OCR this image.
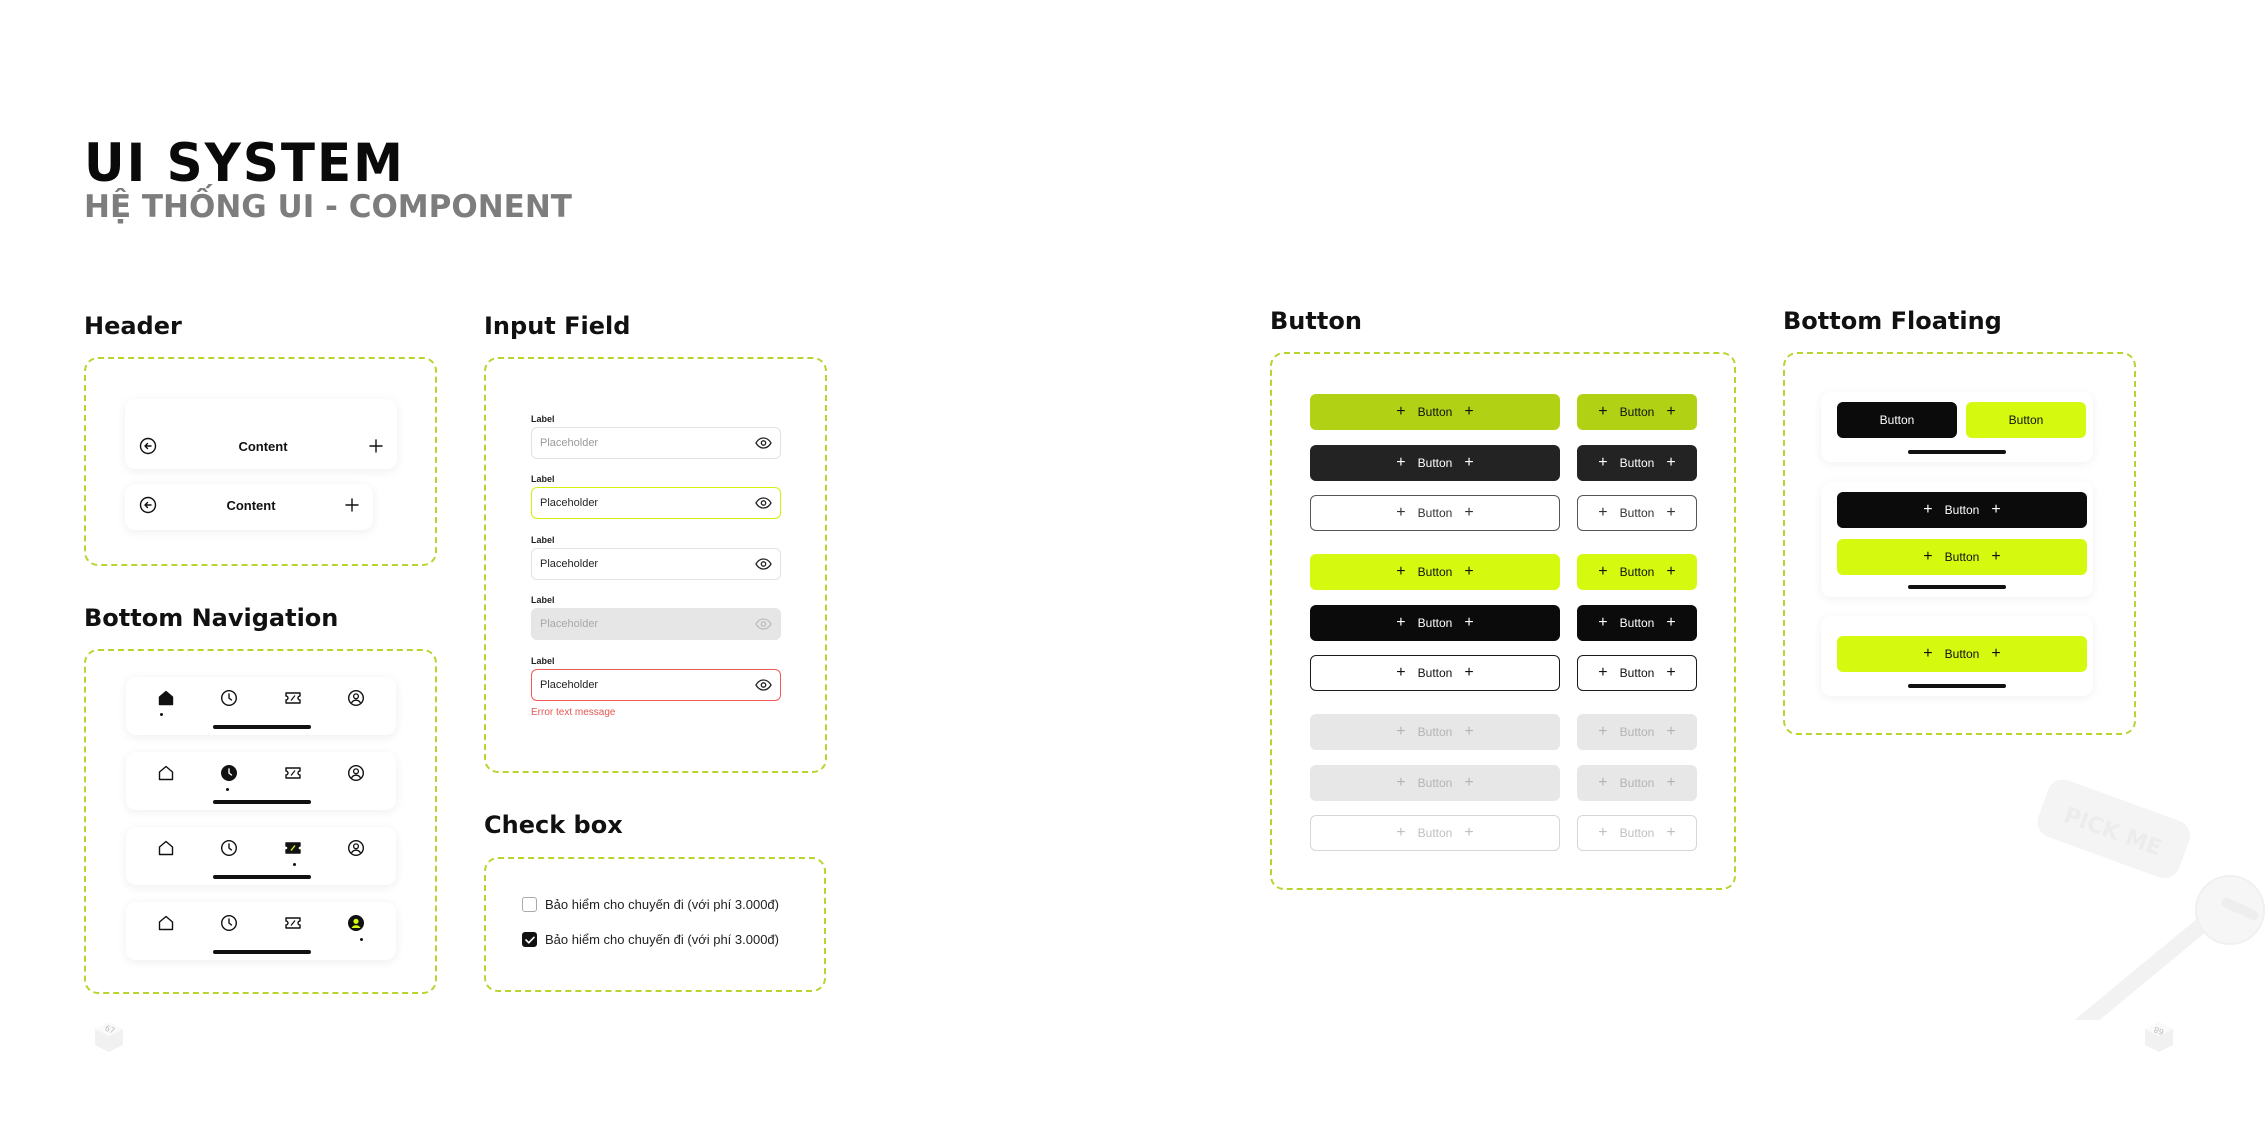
UI SYSTEM
HỆ THỐNG UI - COMPONENT
Header
Content
Content
Bottom Navigation
Input Field
Label
Placeholder
Label
Placeholder
Label
Placeholder
Label
Placeholder
Label
Placeholder
Error text message
Check box
Bảo hiểm cho chuyến đi (với phí 3.000đ)
Bảo hiểm cho chuyến đi (với phí 3.000đ)
Button
+ Button +	+ Button +
+ Button +	+ Button +
+ Button +	+ Button +
+ Button +	+ Button +
+ Button +	+ Button +
+ Button +	+ Button +
+ Button +	+ Button +
+ Button +	+ Button +
+ Button +	+ Button +
Bottom Floating
Button	Button
+ Button +
+ Button +
+ Button +
PICK ME
67	68
